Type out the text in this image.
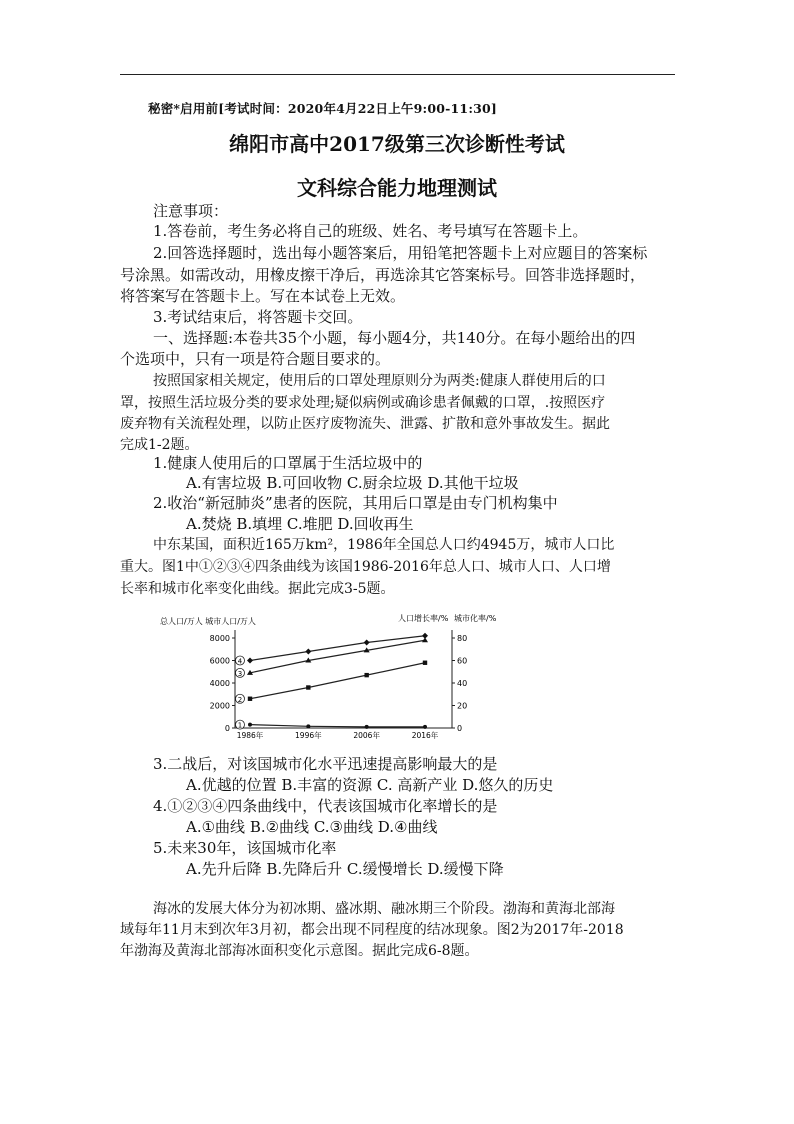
秘密*启用前[考试时间：2020年4月22日上午9:00-11:30]
绵阳市高中2017级第三次诊断性考试
文科综合能力地理测试
注意事项：
1.答卷前，考生务必将自己的班级、姓名、考号填写在答题卡上。
2.回答选择题时，选出每小题答案后，用铅笔把答题卡上对应题目的答案标
号涂黑。如需改动，用橡皮擦干净后，再选涂其它答案标号。回答非选择题时，
将答案写在答题卡上。写在本试卷上无效。
3.考试结束后，将答题卡交回。
一、选择题:本卷共35个小题，每小题4分，共140分。在每小题给出的四
个选项中，只有一项是符合题目要求的。
按照国家相关规定，使用后的口罩处理原则分为两类:健康人群使用后的口
罩，按照生活垃圾分类的要求处理;疑似病例或确诊患者佩戴的口罩，.按照医疗
废弃物有关流程处理，以防止医疗废物流失、泄露、扩散和意外事故发生。据此
完成1-2题。
1.健康人使用后的口罩属于生活垃圾中的
A.有害垃圾 B.可回收物 C.厨余垃圾 D.其他干垃圾
2.收治“新冠肺炎”患者的医院，其用后口罩是由专门机构集中
A.焚烧 B.填埋 C.堆肥 D.回收再生
中东某国，面积近165万km²，1986年全国总人口约4945万，城市人口比
重大。图1中①②③④四条曲线为该国1986-2016年总人口、城市人口、人口增
长率和城市化率变化曲线。据此完成3-5题。
总人口/万人 城市人口/万人	人口增长率/% 城市化率/%
0
2000
4000
6000
8000
0
20
40
60
80
1986年	1996年	2006年	2016年
1
2
3
4
3.二战后，对该国城市化水平迅速提高影响最大的是
A.优越的位置 B.丰富的资源 C. 高新产业 D.悠久的历史
4.①②③④四条曲线中，代表该国城市化率增长的是
A.①曲线 B.②曲线 C.③曲线 D.④曲线
5.未来30年，该国城市化率
A.先升后降 B.先降后升 C.缓慢增长 D.缓慢下降
海冰的发展大体分为初冰期、盛冰期、融冰期三个阶段。渤海和黄海北部海
域每年11月末到次年3月初，都会出现不同程度的结冰现象。图2为2017年-2018
年渤海及黄海北部海冰面积变化示意图。据此完成6-8题。
